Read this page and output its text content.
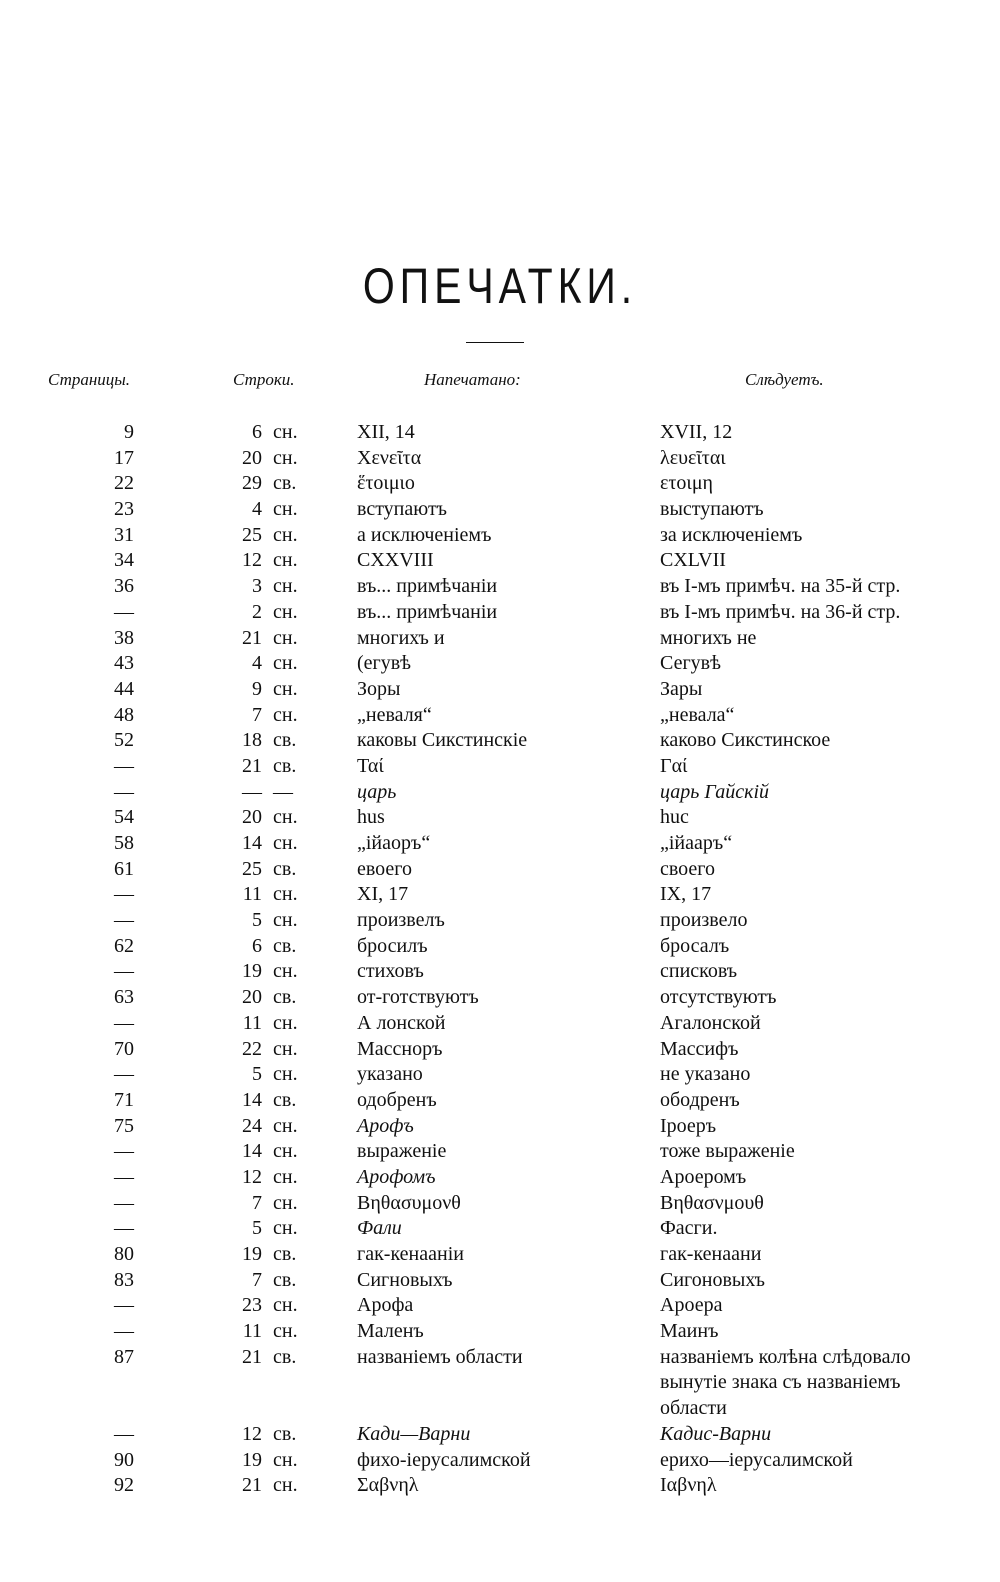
ОПЕЧАТКИ.
Страницы.	Строки.	Напечатано:	Слѣдуетъ.
9	6 сн.	XII, 14	XVII, 12
17	20 сн.	Χενεῖτα	λευεῖται
22	29 св.	ἕτοιμιο	ετοιμη
23	4 сн.	вступаютъ	выступаютъ
31	25 сн.	а исключеніемъ	за исключеніемъ
34	12 сн.	CXXVIII	CXLVII
36	3 сн.	въ... примѣчаніи	въ I-мъ примѣч. на 35-й стр.
—	2 сн.	въ... примѣчаніи	въ I-мъ примѣч. на 36-й стр.
38	21 сн.	многихъ и	многихъ не
43	4 сн.	(егувѣ	Сегувѣ
44	9 сн.	Зоры	Зары
48	7 сн.	„неваля“	„невала“
52	18 св.	каковы Сикстинскіе	каково Сикстинское
—	21 св.	Ταί	Γαί
—	— —	царь	царь Гайскій
54	20 сн.	hus	huc
58	14 сн.	„ійаоръ“	„ійааръ“
61	25 св.	евоего	своего
—	11 сн.	XI, 17	IX, 17
—	5 сн.	произвелъ	произвело
62	6 св.	бросилъ	бросалъ
—	19 сн.	стиховъ	списковъ
63	20 св.	от-готствуютъ	отсутствуютъ
—	11 сн.	А лонской	Агалонской
70	22 сн.	Массноръ	Массифъ
—	5 сн.	указано	не указано
71	14 св.	одобренъ	ободренъ
75	24 сн.	Арофъ	Іроеръ
—	14 сн.	выраженіе	тоже выраженіе
—	12 сн.	Арофомъ	Ароеромъ
—	7 сн.	Βηθασυμονθ	Βηθασνμουθ
—	5 сн.	Фали	Фасги.
80	19 св.	гак-кенааніи	гак-кенаани
83	7 св.	Сигновыхъ	Сигоновыхъ
—	23 сн.	Арофа	Ароера
—	11 сн.	Маленъ	Маинъ
87	21 св.	названіемъ области	названіемъ колѣна слѣдовало вынутіе знака съ названіемъ области
—	12 св.	Кади—Варни	Кадис-Варни
90	19 сн.	фихо-іерусалимской	ерихо—іерусалимской
92	21 сн.	Σαβνηλ	Ιαβνηλ
